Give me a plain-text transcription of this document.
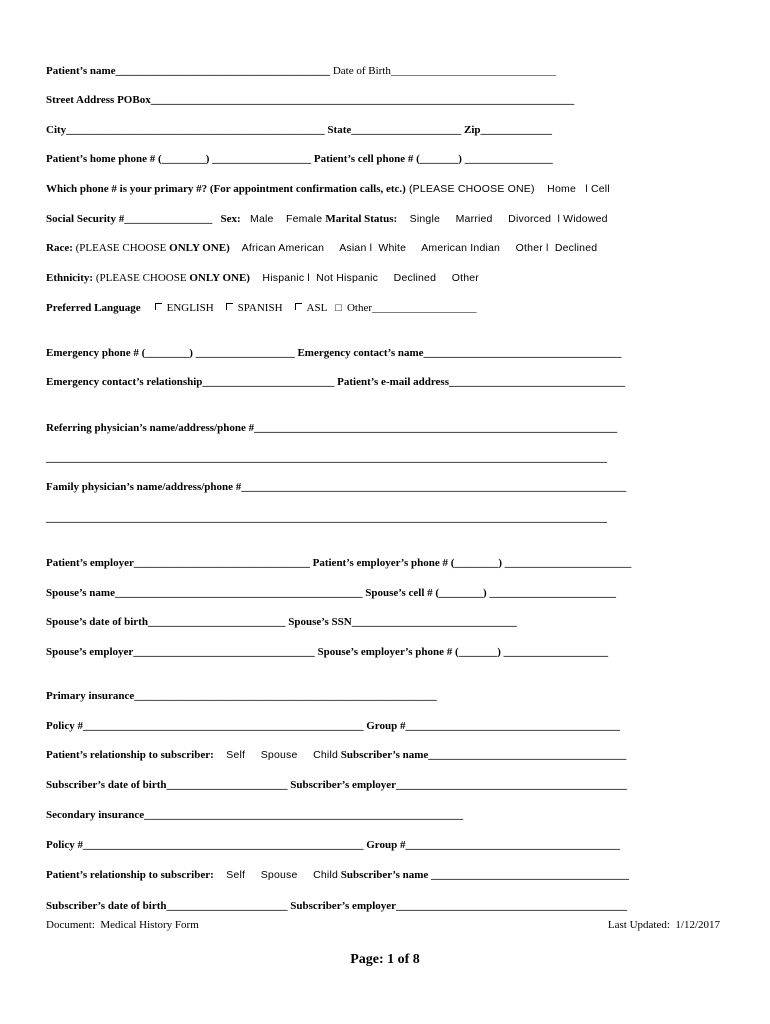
Patient’s name_______________________________________ Date of Birth______________________________
Street Address POBox_____________________________________________________________________________
City_______________________________________________ State____________________ Zip_____________
Patient’s home phone # (________) __________________ Patient’s cell phone # (_______) ________________
Which phone # is your primary #? (For appointment confirmation calls, etc.) (PLEASE CHOOSE ONE)    Home   l Cell
Social Security #________________   Sex:   Male    Female Marital Status:    Single     Married     Divorced  l Widowed
Race: (PLEASE CHOOSE ONLY ONE)    African American     Asian l  White     American Indian     Other l  Declined
Ethnicity: (PLEASE CHOOSE ONLY ONE)    Hispanic l  Not Hispanic     Declined     Other
Preferred Language ENGLISH SPANISH ASL □ Other___________________
Emergency phone # (________) __________________ Emergency contact’s name____________________________________
Emergency contact’s relationship________________________ Patient’s e-mail address________________________________
Referring physician’s name/address/phone #__________________________________________________________________
______________________________________________________________________________________________________
Family physician’s name/address/phone #______________________________________________________________________
______________________________________________________________________________________________________
Patient’s employer________________________________ Patient’s employer’s phone # (________) _______________________
Spouse’s name_____________________________________________ Spouse’s cell # (________) _______________________
Spouse’s date of birth_________________________ Spouse’s SSN______________________________
Spouse’s employer_________________________________ Spouse’s employer’s phone # (_______) ___________________
Primary insurance_______________________________________________________
Policy #___________________________________________________ Group #_______________________________________
Patient’s relationship to subscriber:    Self     Spouse     Child Subscriber’s name____________________________________
Subscriber’s date of birth______________________ Subscriber’s employer__________________________________________
Secondary insurance__________________________________________________________
Policy #___________________________________________________ Group #_______________________________________
Patient’s relationship to subscriber:    Self     Spouse     Child Subscriber’s name ____________________________________
Subscriber’s date of birth______________________ Subscriber’s employer__________________________________________
Document:  Medical History Form	Last Updated:  1/12/2017
Page: 1 of 8
